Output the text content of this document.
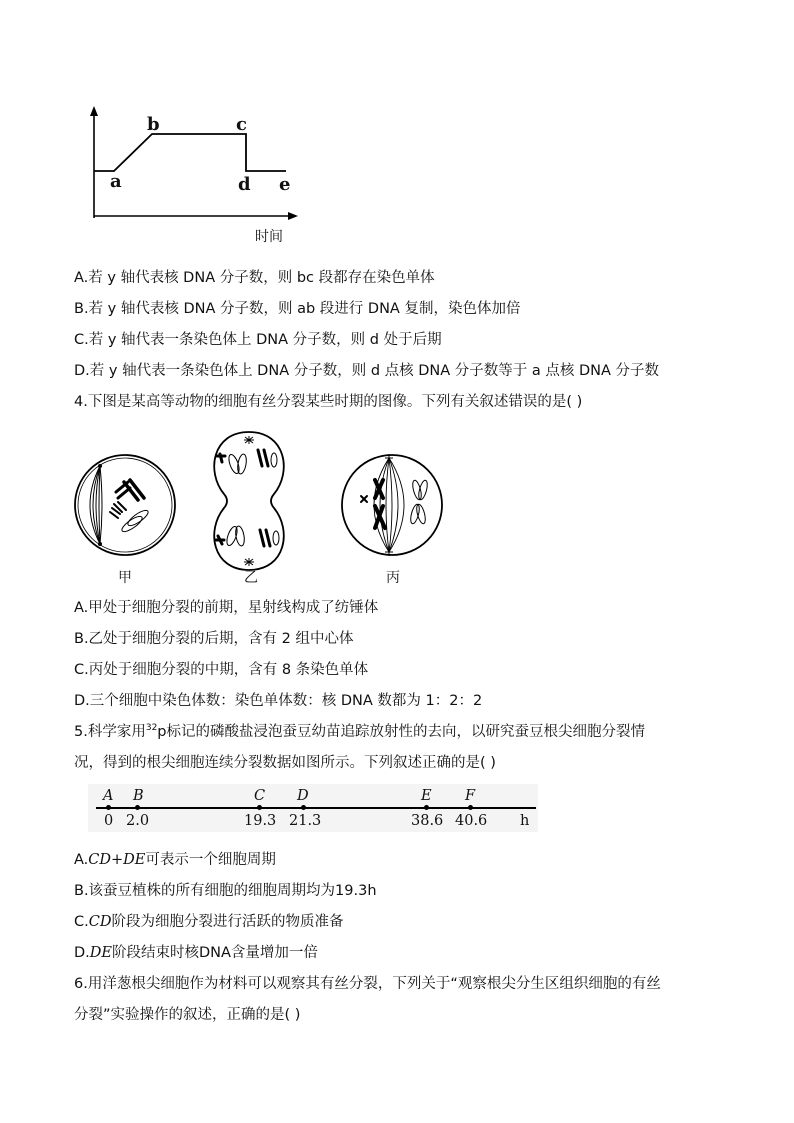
a
b	c
d e
时间
A.若 y 轴代表核 DNA 分子数，则 bc 段都存在染色单体
B.若 y 轴代表核 DNA 分子数，则 ab 段进行 DNA 复制，染色体加倍
C.若 y 轴代表一条染色体上 DNA 分子数，则 d 处于后期
D.若 y 轴代表一条染色体上 DNA 分子数，则 d 点核 DNA 分子数等于 a 点核 DNA 分子数
4.下图是某高等动物的细胞有丝分裂某些时期的图像。下列有关叙述错误的是( )
甲	乙	丙
A.甲处于细胞分裂的前期，星射线构成了纺锤体
B.乙处于细胞分裂的后期，含有 2 组中心体
C.丙处于细胞分裂的中期，含有 8 条染色单体
D.三个细胞中染色体数：染色单体数：核 DNA 数都为 1：2：2
5.科学家用$^{32}$p标记的磷酸盐浸泡蚕豆幼苗追踪放射性的去向，以研究蚕豆根尖细胞分裂情
况，得到的根尖细胞连续分裂数据如图所示。下列叙述正确的是( )
A B	C D	E F
0 2.0	19.3 21.3	38.6 40.6 h
A.CD+DE可表示一个细胞周期
B.该蚕豆植株的所有细胞的细胞周期均为19.3h
C.CD阶段为细胞分裂进行活跃的物质准备
D.DE阶段结束时核DNA含量增加一倍
6.用洋葱根尖细胞作为材料可以观察其有丝分裂，下列关于“观察根尖分生区组织细胞的有丝
分裂”实验操作的叙述，正确的是( )
